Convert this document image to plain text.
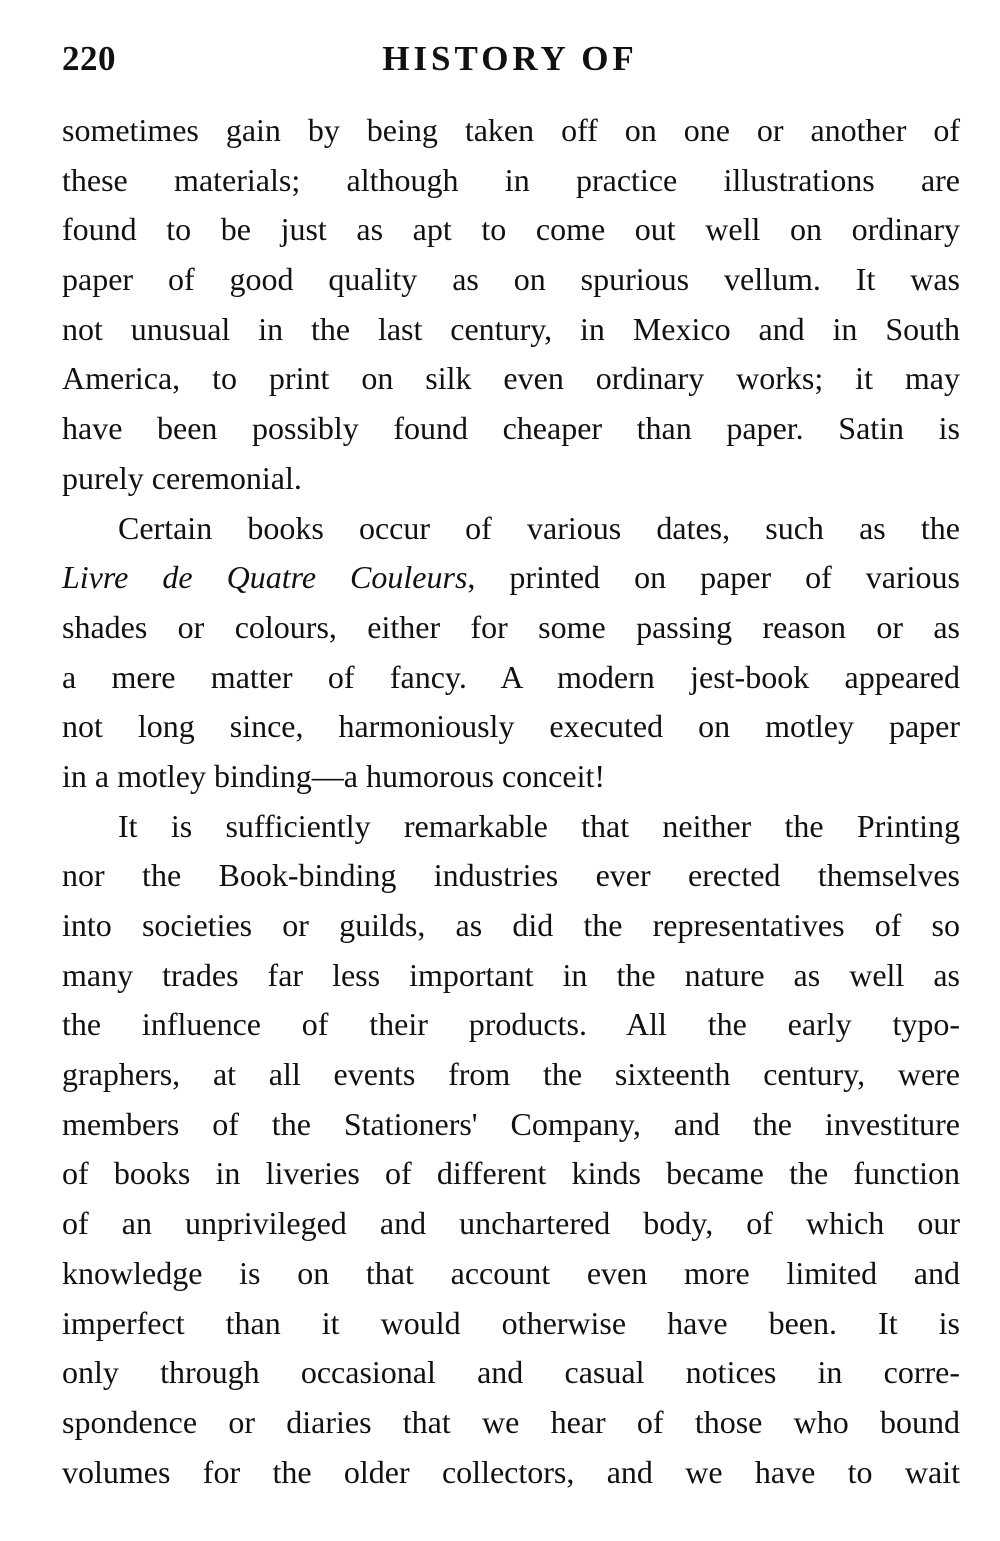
220	HISTORY OF
sometimes gain by being taken off on one or another of
these materials; although in practice illustrations are
found to be just as apt to come out well on ordinary
paper of good quality as on spurious vellum. It was
not unusual in the last century, in Mexico and in South
America, to print on silk even ordinary works; it may
have been possibly found cheaper than paper. Satin is
purely ceremonial.
Certain books occur of various dates, such as the
Livre de Quatre Couleurs, printed on paper of various
shades or colours, either for some passing reason or as
a mere matter of fancy. A modern jest-book appeared
not long since, harmoniously executed on motley paper
in a motley binding—a humorous conceit!
It is sufficiently remarkable that neither the Printing
nor the Book-binding industries ever erected themselves
into societies or guilds, as did the representatives of so
many trades far less important in the nature as well as
the influence of their products. All the early typo-
graphers, at all events from the sixteenth century, were
members of the Stationers' Company, and the investiture
of books in liveries of different kinds became the function
of an unprivileged and unchartered body, of which our
knowledge is on that account even more limited and
imperfect than it would otherwise have been. It is
only through occasional and casual notices in corre-
spondence or diaries that we hear of those who bound
volumes for the older collectors, and we have to wait
